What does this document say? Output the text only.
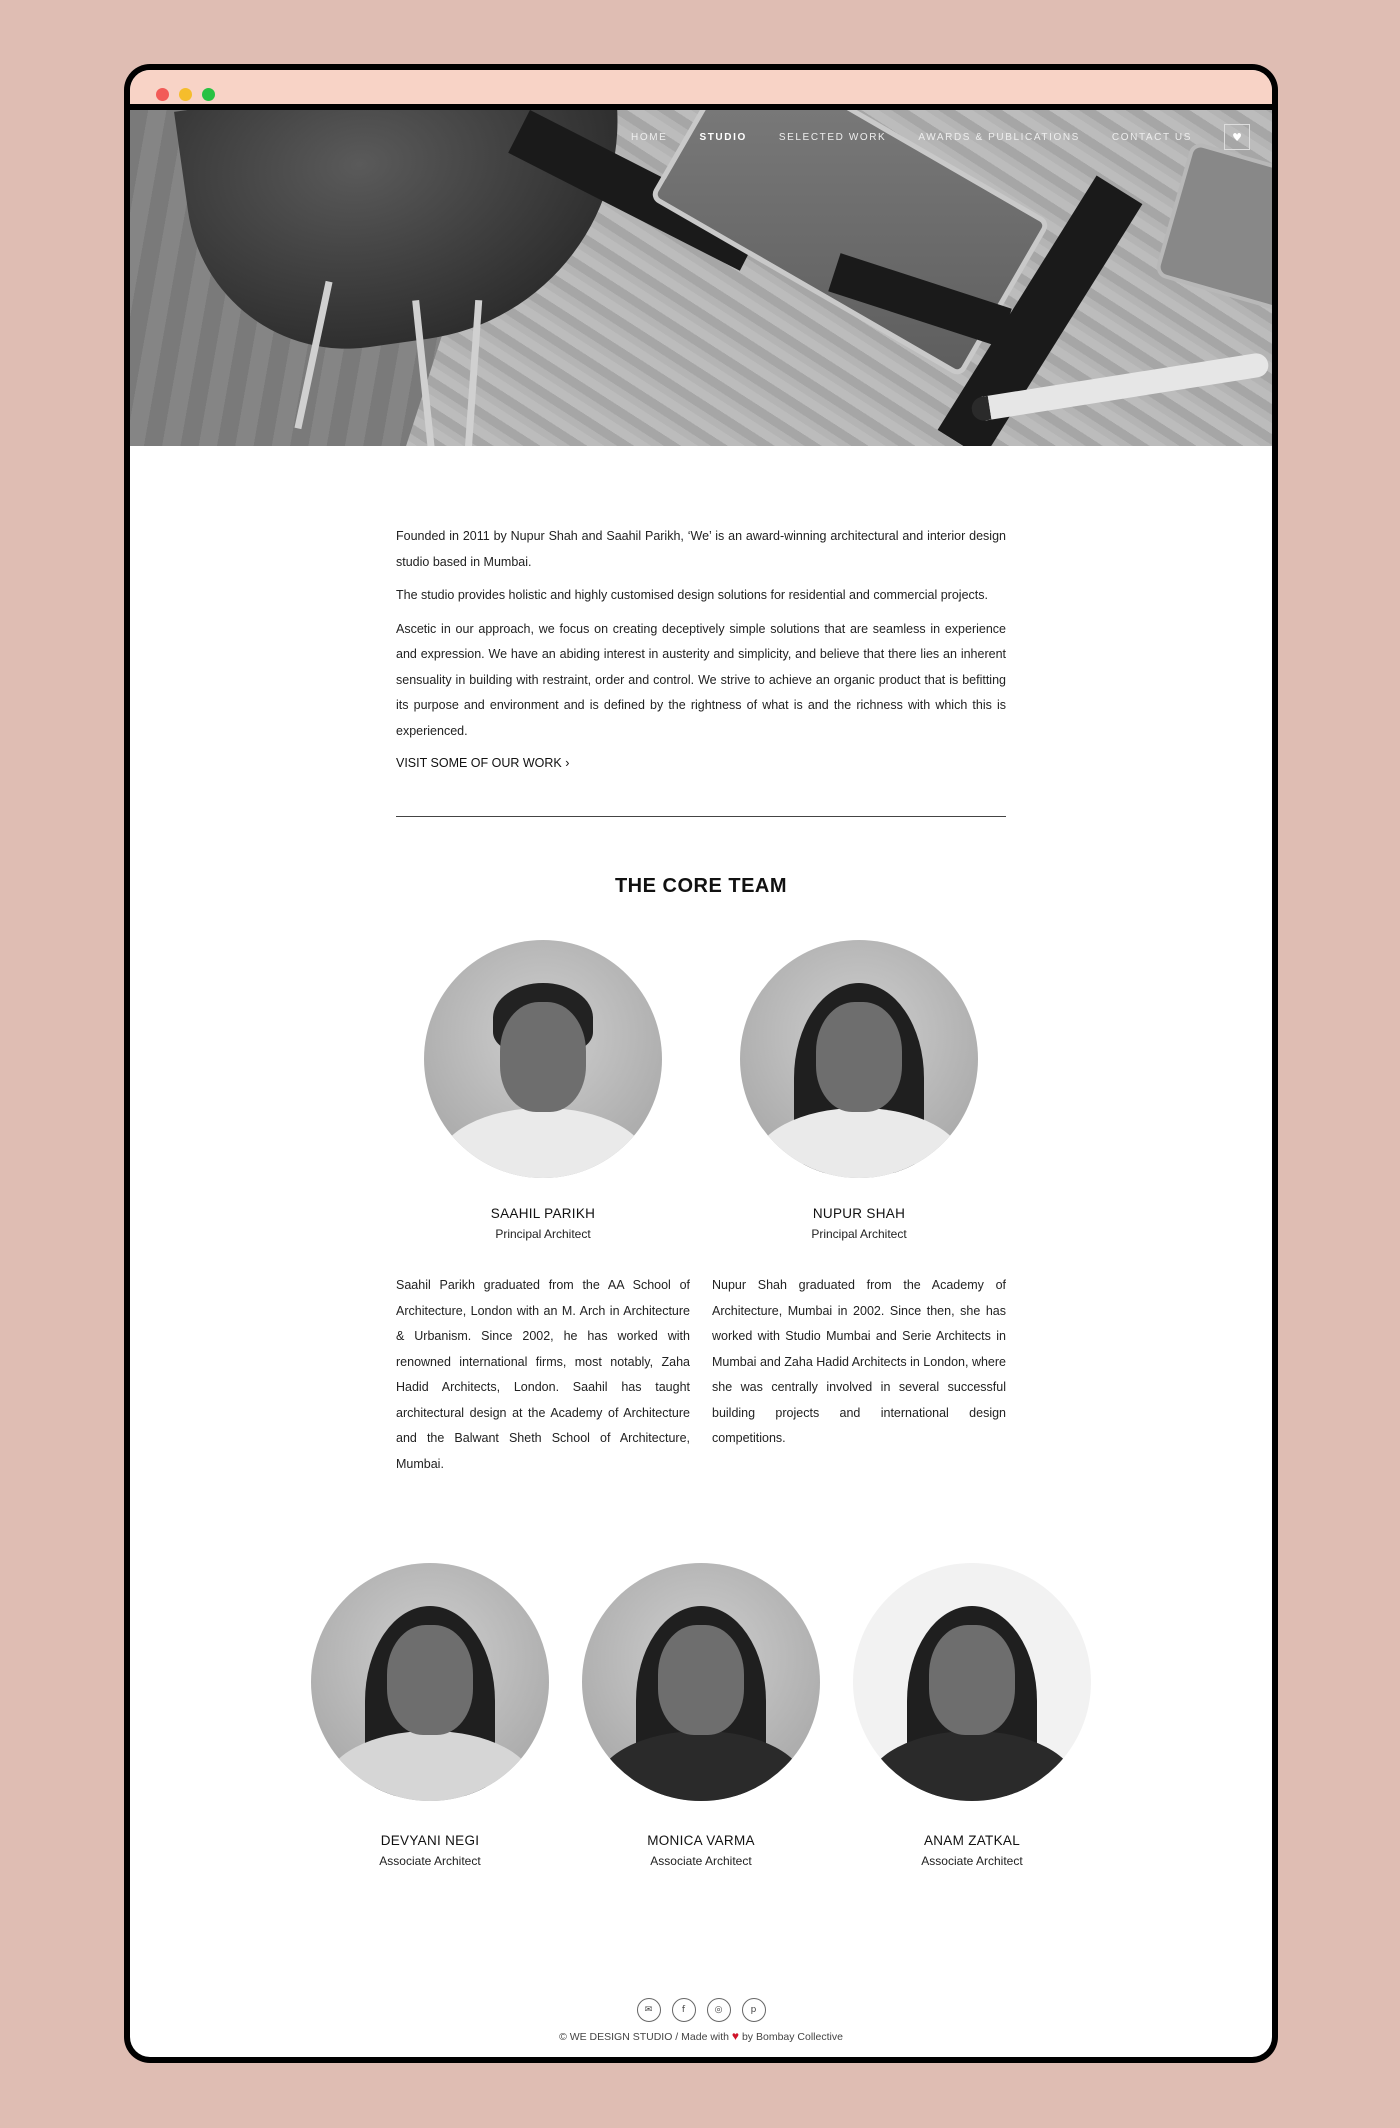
HOME	STUDIO	SELECTED WORK	AWARDS & PUBLICATIONS	CONTACT US	♥

Founded in 2011 by Nupur Shah and Saahil Parikh, ‘We’ is an award-winning architectural and interior design studio based in Mumbai.

The studio provides holistic and highly customised design solutions for residential and commercial projects.

Ascetic in our approach, we focus on creating deceptively simple solutions that are seamless in experience and expression. We have an abiding interest in austerity and simplicity, and believe that there lies an inherent sensuality in building with restraint, order and control. We strive to achieve an organic product that is befitting its purpose and environment and is defined by the rightness of what is and the richness with which this is experienced.

VISIT SOME OF OUR WORK ›
THE CORE TEAM
SAAHIL PARIKH
Principal Architect

Saahil Parikh graduated from the AA School of Architecture, London with an M. Arch in Architecture & Urbanism. Since 2002, he has worked with renowned international firms, most notably, Zaha Hadid Architects, London. Saahil has taught architectural design at the Academy of Architecture and the Balwant Sheth School of Architecture, Mumbai.

NUPUR SHAH
Principal Architect

Nupur Shah graduated from the Academy of Architecture, Mumbai in 2002. Since then, she has worked with Studio Mumbai and Serie Architects in Mumbai and Zaha Hadid Architects in London, where she was centrally involved in several successful building projects and international design competitions.

DEVYANI NEGI
Associate Architect
MONICA VARMA
Associate Architect
ANAM ZATKAL
Associate Architect
✉	f	◎	p
© WE DESIGN STUDIO / Made with ♥ by Bombay Collective
